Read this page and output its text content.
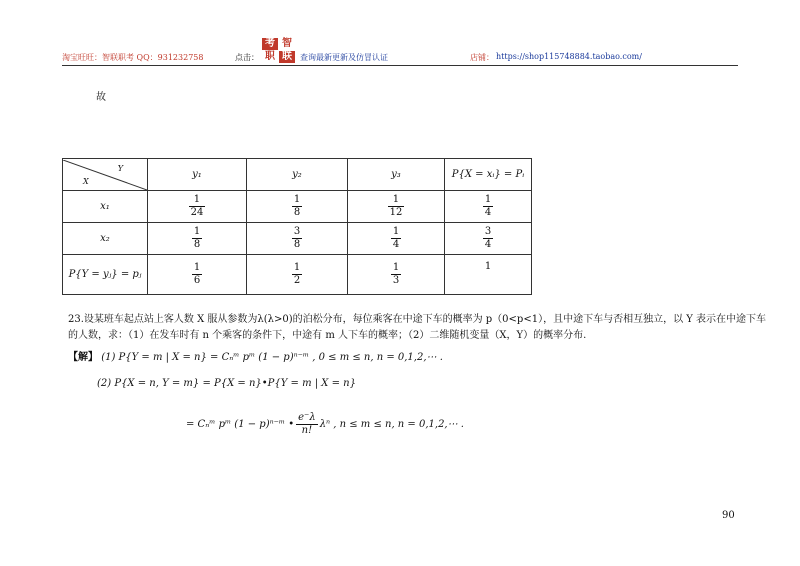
淘宝旺旺：智联职考 QQ：931232758	点击：	查询最新更新及仿冒认证	店铺： https://shop115748884.taobao.com/
考 智
职 联
故
Y
X	y₁	y₂	y₃	P{X = xᵢ} = Pᵢ
x₁	$\frac{1}{24}$	$\frac{1}{8}$	$\frac{1}{12}$	$\frac{1}{4}$

x₂	$\frac{1}{8}$	$\frac{3}{8}$	$\frac{1}{4}$	$\frac{3}{4}$

P{Y = yⱼ} = pⱼ	$\frac{1}{6}$	$\frac{1}{2}$	$\frac{1}{3}$	1
23.设某班车起点站上客人数 X 服从参数为λ(λ>0)的泊松分布，每位乘客在中途下车的概率为 p（0<p<1），且中途下车与否相互独立，以 Y 表示在中途下车
的人数，求：（1）在发车时有 n 个乘客的条件下，中途有 m 人下车的概率；（2）二维随机变量（X，Y）的概率分布.
【解】 (1) P{Y = m | X = n} = Cₙᵐ pᵐ (1 − p)ⁿ⁻ᵐ , 0 ≤ m ≤ n, n = 0,1,2,⋯ .
(2) P{X = n, Y = m} = P{X = n}•P{Y = m | X = n}
= Cₙᵐ pᵐ (1 − p)ⁿ⁻ᵐ • $\frac{e^-\lambda}{n!}$ λⁿ , n ≤ m ≤ n, n = 0,1,2,⋯ .
90
